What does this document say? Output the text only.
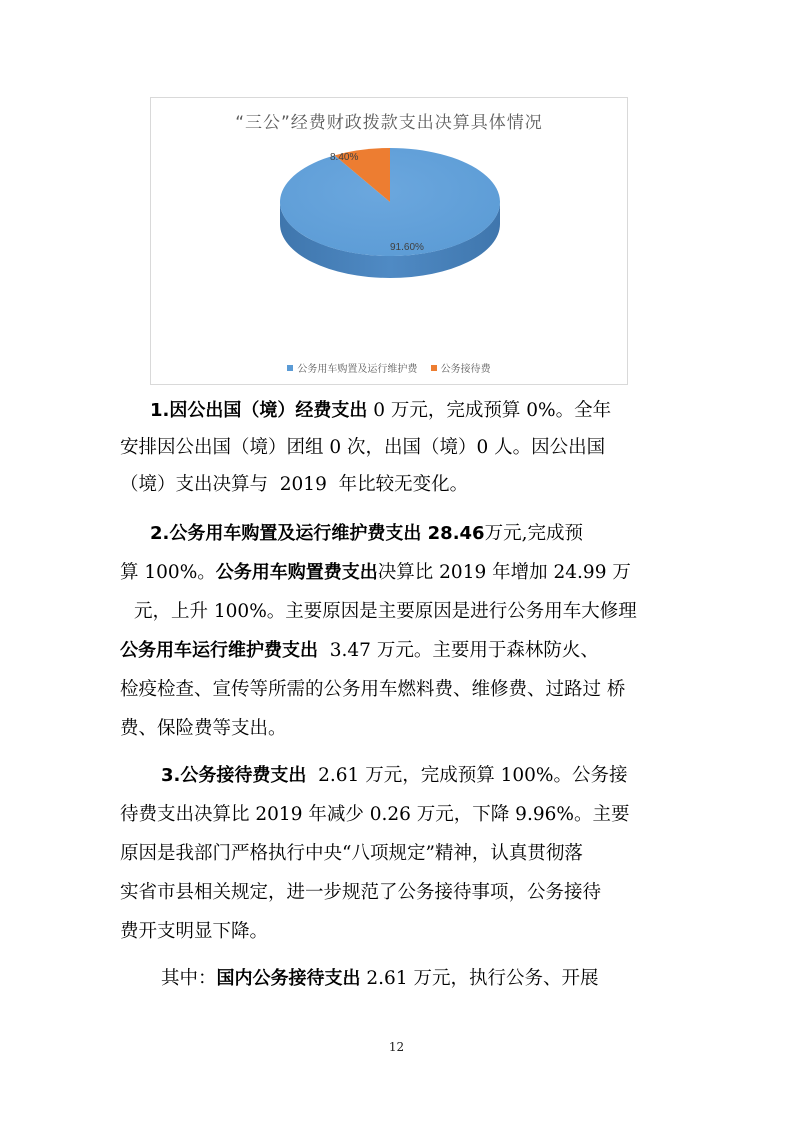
“三公”经费财政拨款支出决算具体情况
8.40%
91.60%
公务用车购置及运行维护费
公务接待费
1.因公出国（境）经费支出 0 万元，完成预算 0%。全年
安排因公出国（境）团组 0 次，出国（境）0 人。因公出国
（境）支出决算与  2019  年比较无变化。
2.公务用车购置及运行维护费支出 28.46万元,完成预
算 100%。公务用车购置费支出决算比 2019 年增加 24.99 万
元，上升 100%。主要原因是主要原因是进行公务用车大修理
公务用车运行维护费支出  3.47 万元。主要用于森林防火、
检疫检查、宣传等所需的公务用车燃料费、维修费、过路过 桥
费、保险费等支出。
3.公务接待费支出  2.61 万元，完成预算 100%。公务接
待费支出决算比 2019 年减少 0.26 万元，下降 9.96%。主要
原因是我部门严格执行中央“八项规定”精神，认真贯彻落
实省市县相关规定，进一步规范了公务接待事项，公务接待
费开支明显下降。
其中：国内公务接待支出 2.61 万元，执行公务、开展
12
